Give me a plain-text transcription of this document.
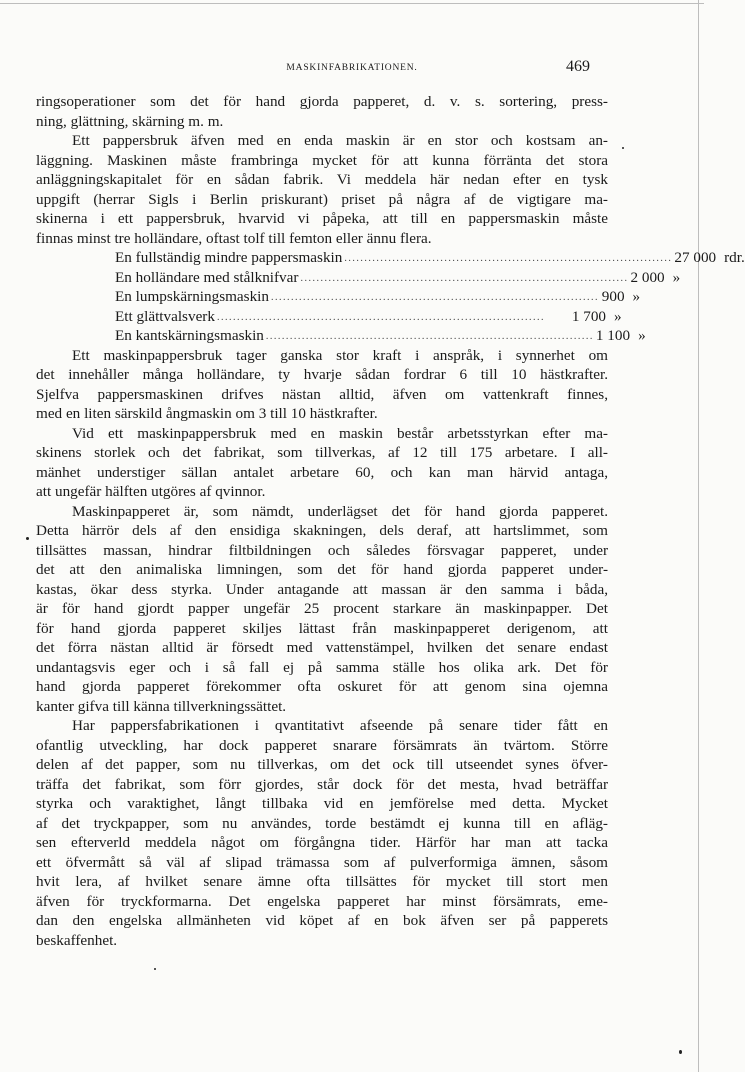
MASKINFABRIKATIONEN.	469
ringsoperationer som det för hand gjorda papperet, d. v. s. sortering, press-
ning, glättning, skärning m. m.
Ett pappersbruk äfven med en enda maskin är en stor och kostsam an-
läggning. Maskinen måste frambringa mycket för att kunna förränta det stora
anläggningskapitalet för en sådan fabrik. Vi meddela här nedan efter en tysk
uppgift (herrar Sigls i Berlin priskurant) priset på några af de vigtigare ma-
skinerna i ett pappersbruk, hvarvid vi påpeka, att till en pappersmaskin måste
finnas minst tre holländare, oftast tolf till femton eller ännu flera.
En fullständig mindre pappersmaskin .................................................................................. 27 000 rdr.
En holländare med stålknifvar .................................................................................. 2 000 »
En lumpskärningsmaskin .................................................................................. 900 »
Ett glättvalsverk ..................................................................................	1 700 »
En kantskärningsmaskin .................................................................................. 1 100 »
Ett maskinpappersbruk tager ganska stor kraft i anspråk, i synnerhet om
det innehåller många holländare, ty hvarje sådan fordrar 6 till 10 hästkrafter.
Sjelfva pappersmaskinen drifves nästan alltid, äfven om vattenkraft finnes,
med en liten särskild ångmaskin om 3 till 10 hästkrafter.
Vid ett maskinpappersbruk med en maskin består arbetsstyrkan efter ma-
skinens storlek och det fabrikat, som tillverkas, af 12 till 175 arbetare. I all-
mänhet understiger sällan antalet arbetare 60, och kan man härvid antaga,
att ungefär hälften utgöres af qvinnor.
Maskinpapperet är, som nämdt, underlägset det för hand gjorda papperet.
Detta härrör dels af den ensidiga skakningen, dels deraf, att hartslimmet, som
tillsättes massan, hindrar filtbildningen och således försvagar papperet, under
det att den animaliska limningen, som det för hand gjorda papperet under-
kastas, ökar dess styrka. Under antagande att massan är den samma i båda,
är för hand gjordt papper ungefär 25 procent starkare än maskinpapper. Det
för hand gjorda papperet skiljes lättast från maskinpapperet derigenom, att
det förra nästan alltid är försedt med vattenstämpel, hvilken det senare endast
undantagsvis eger och i så fall ej på samma ställe hos olika ark. Det för
hand gjorda papperet förekommer ofta oskuret för att genom sina ojemna
kanter gifva till känna tillverkningssättet.
Har pappersfabrikationen i qvantitativt afseende på senare tider fått en
ofantlig utveckling, har dock papperet snarare försämrats än tvärtom. Större
delen af det papper, som nu tillverkas, om det ock till utseendet synes öfver-
träffa det fabrikat, som förr gjordes, står dock för det mesta, hvad beträffar
styrka och varaktighet, långt tillbaka vid en jemförelse med detta. Mycket
af det tryckpapper, som nu användes, torde bestämdt ej kunna till en afläg-
sen efterverld meddela något om förgångna tider. Härför har man att tacka
ett öfvermått så väl af slipad trämassa som af pulverformiga ämnen, såsom
hvit lera, af hvilket senare ämne ofta tillsättes för mycket till stort men
äfven för tryckformarna. Det engelska papperet har minst försämrats, eme-
dan den engelska allmänheten vid köpet af en bok äfven ser på papperets
beskaffenhet.
